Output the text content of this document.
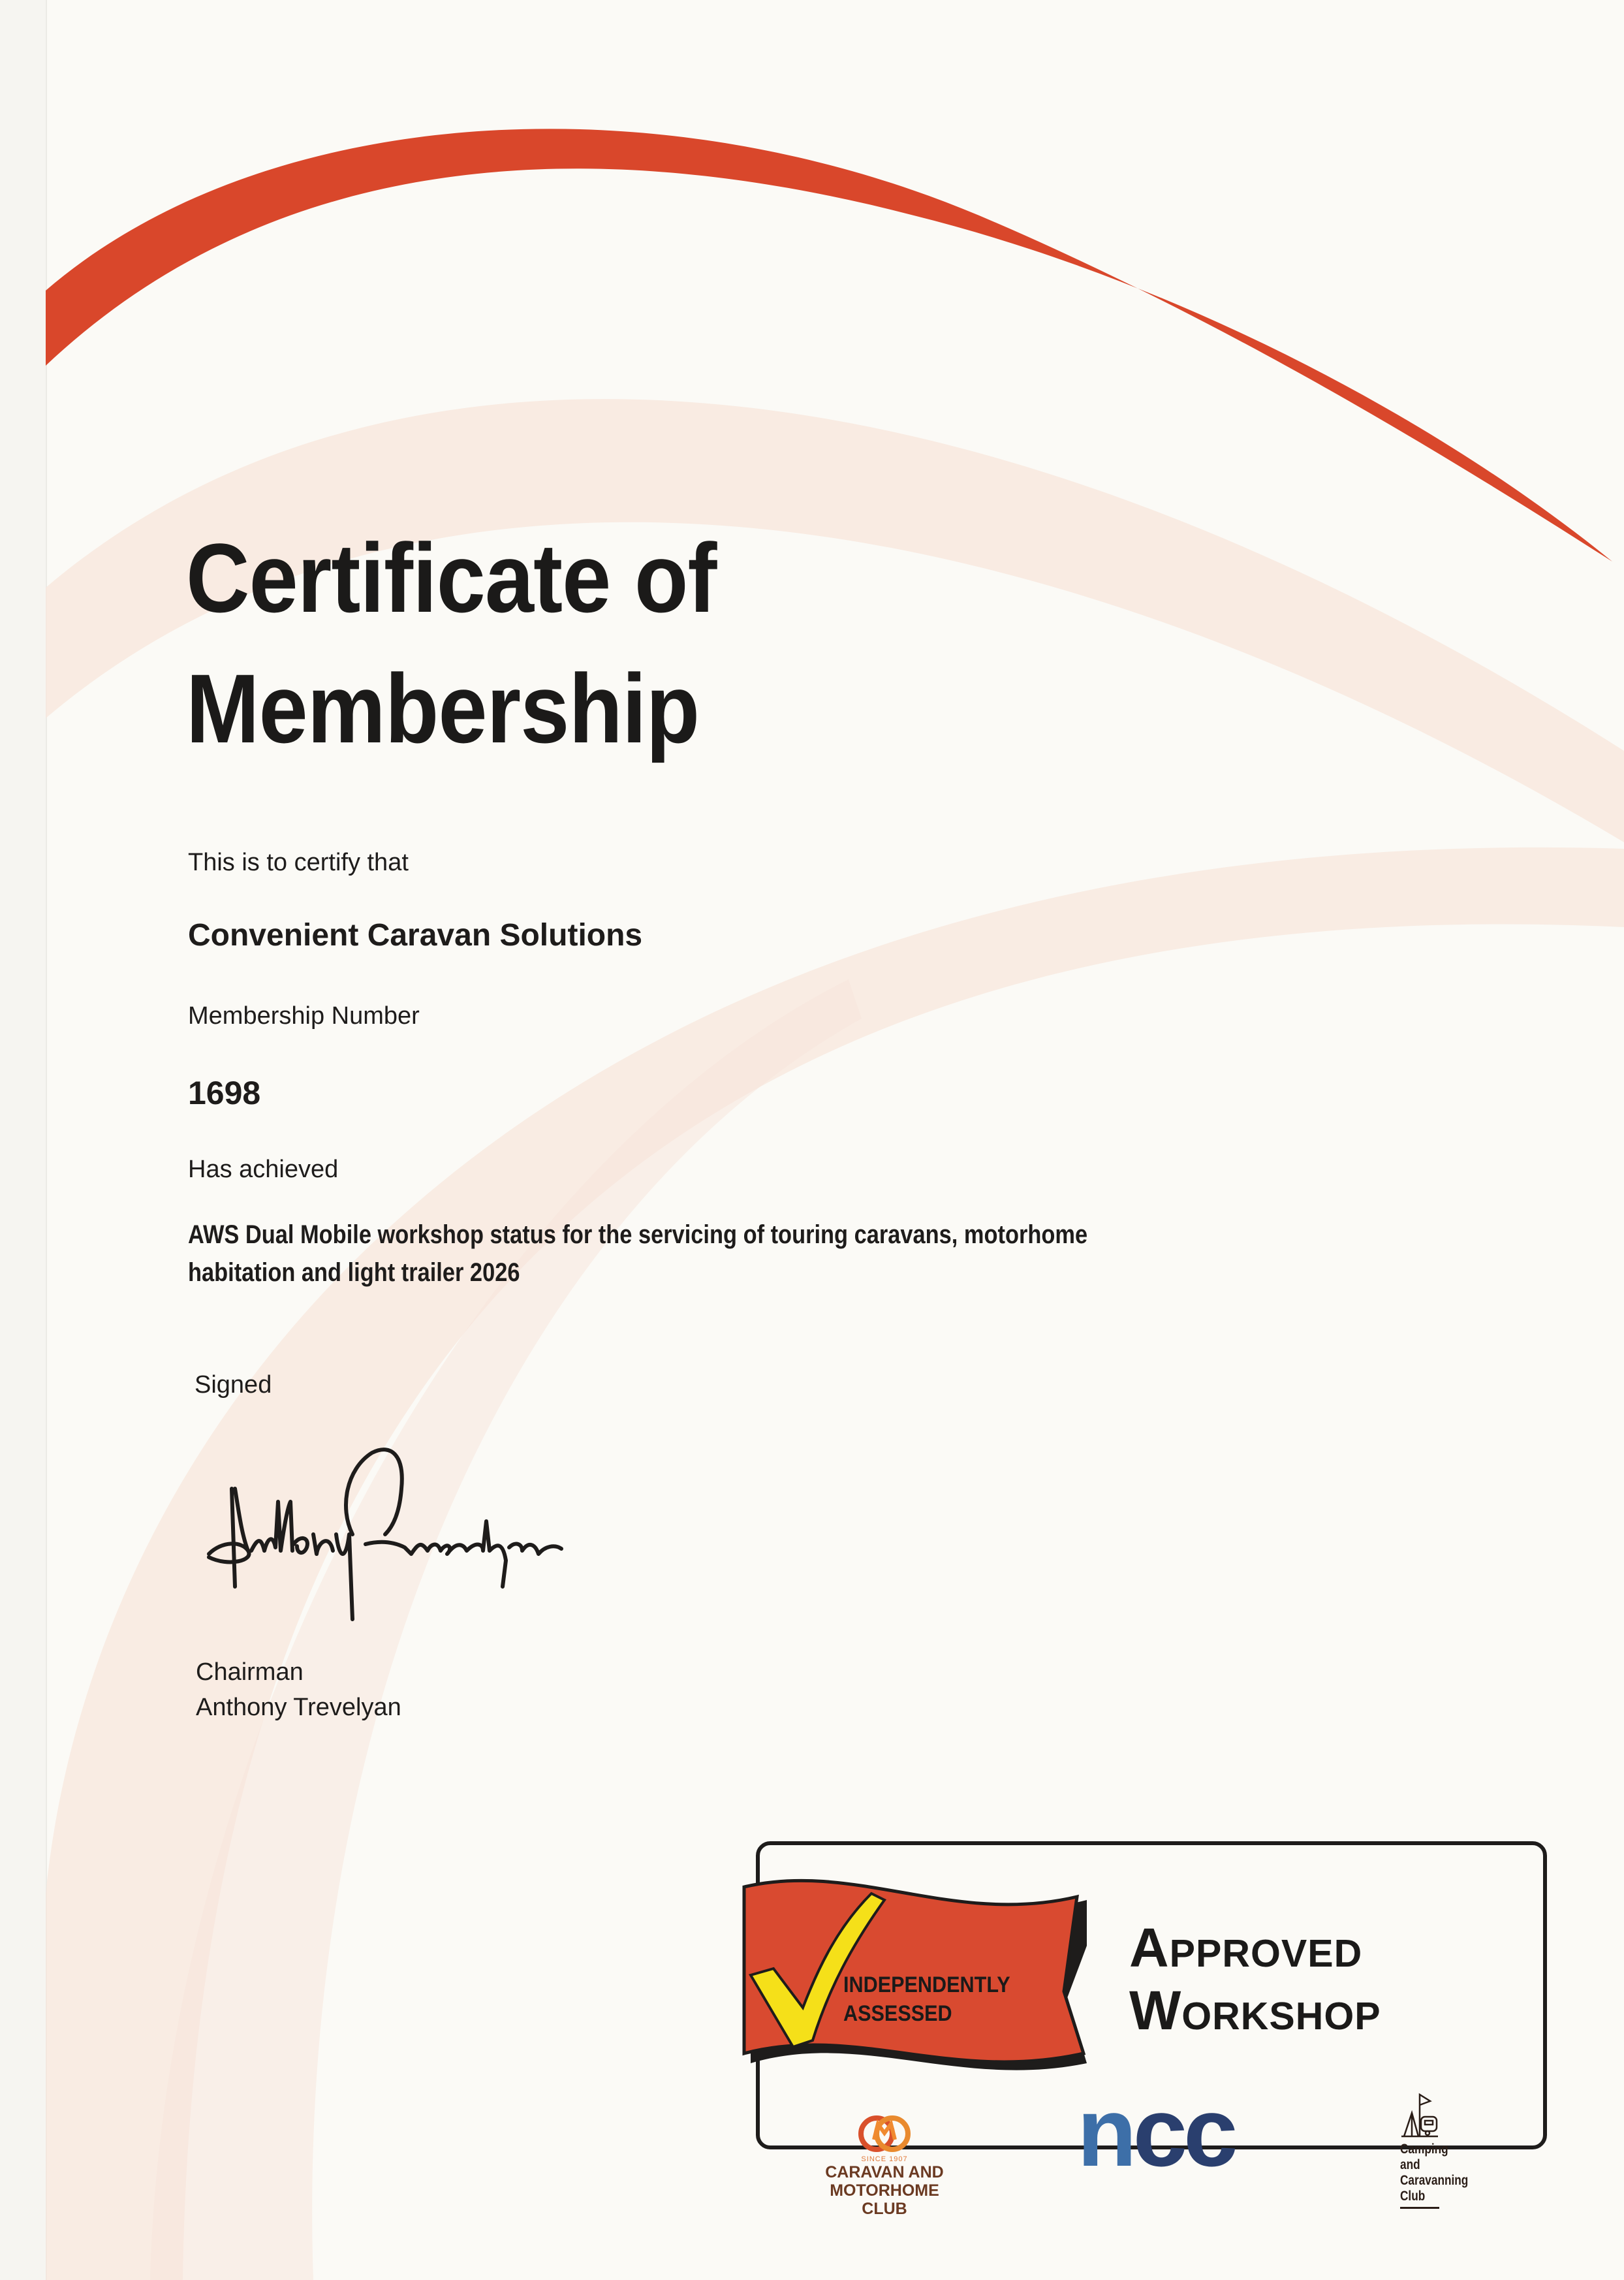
Certificate of
Membership
This is to certify that
Convenient Caravan Solutions
Membership Number
1698
Has achieved
AWS Dual Mobile workshop status for the servicing of touring caravans, motorhome
habitation and light trailer 2026
Signed
Chairman
Anthony Trevelyan
INDEPENDENTLY
ASSESSED
Approved
Workshop
SINCE 1907
CARAVAN AND
MOTORHOME CLUB
ncc	Camping and
Caravanning
Club
